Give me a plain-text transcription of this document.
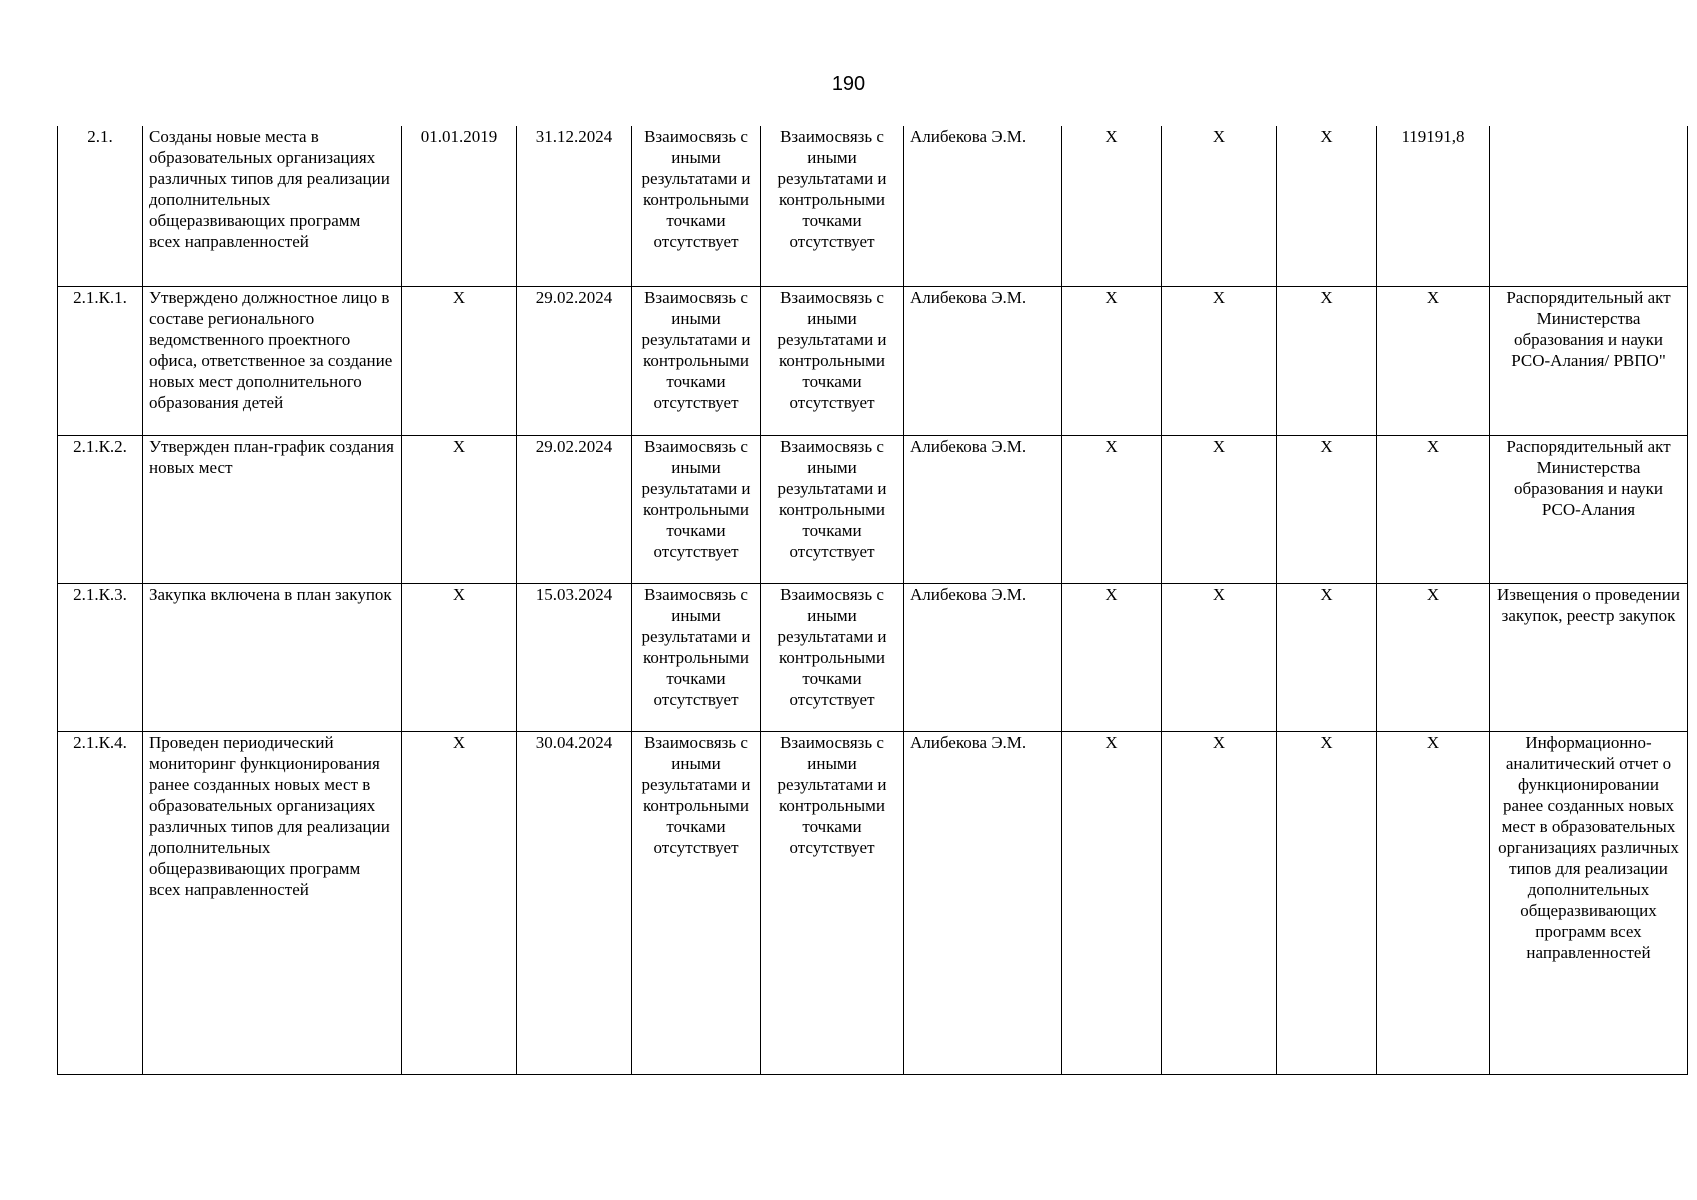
190
2.1.	Созданы новые места в образовательных организациях различных типов для реализации дополнительных общеразвивающих программ всех направленностей	01.01.2019	31.12.2024	Взаимосвязь с иными результатами и контрольными точками отсутствует	Взаимосвязь с иными результатами и контрольными точками отсутствует	Алибекова Э.М.	Х	Х	Х	119191,8	
2.1.К.1.	Утверждено должностное лицо в составе регионального ведомственного проектного офиса, ответственное за создание новых мест дополнительного образования детей	Х	29.02.2024	Взаимосвязь с иными результатами и контрольными точками отсутствует	Взаимосвязь с иными результатами и контрольными точками отсутствует	Алибекова Э.М.	Х	Х	Х	Х	Распорядительный акт Министерства образования и науки РСО-Алания/ РВПО"
2.1.К.2.	Утвержден план-график создания новых мест	Х	29.02.2024	Взаимосвязь с иными результатами и контрольными точками отсутствует	Взаимосвязь с иными результатами и контрольными точками отсутствует	Алибекова Э.М.	Х	Х	Х	Х	Распорядительный акт Министерства образования и науки РСО-Алания
2.1.К.3.	Закупка включена в план закупок	Х	15.03.2024	Взаимосвязь с иными результатами и контрольными точками отсутствует	Взаимосвязь с иными результатами и контрольными точками отсутствует	Алибекова Э.М.	Х	Х	Х	Х	Извещения о проведении закупок, реестр закупок
2.1.К.4.	Проведен периодический мониторинг функционирования ранее созданных новых мест в образовательных организациях различных типов для реализации дополнительных общеразвивающих программ всех направленностей	Х	30.04.2024	Взаимосвязь с иными результатами и контрольными точками отсутствует	Взаимосвязь с иными результатами и контрольными точками отсутствует	Алибекова Э.М.	Х	Х	Х	Х	Информационно-аналитический отчет о функционировании ранее созданных новых мест в образовательных организациях различных типов для реализации дополнительных общеразвивающих программ всех направленностей
